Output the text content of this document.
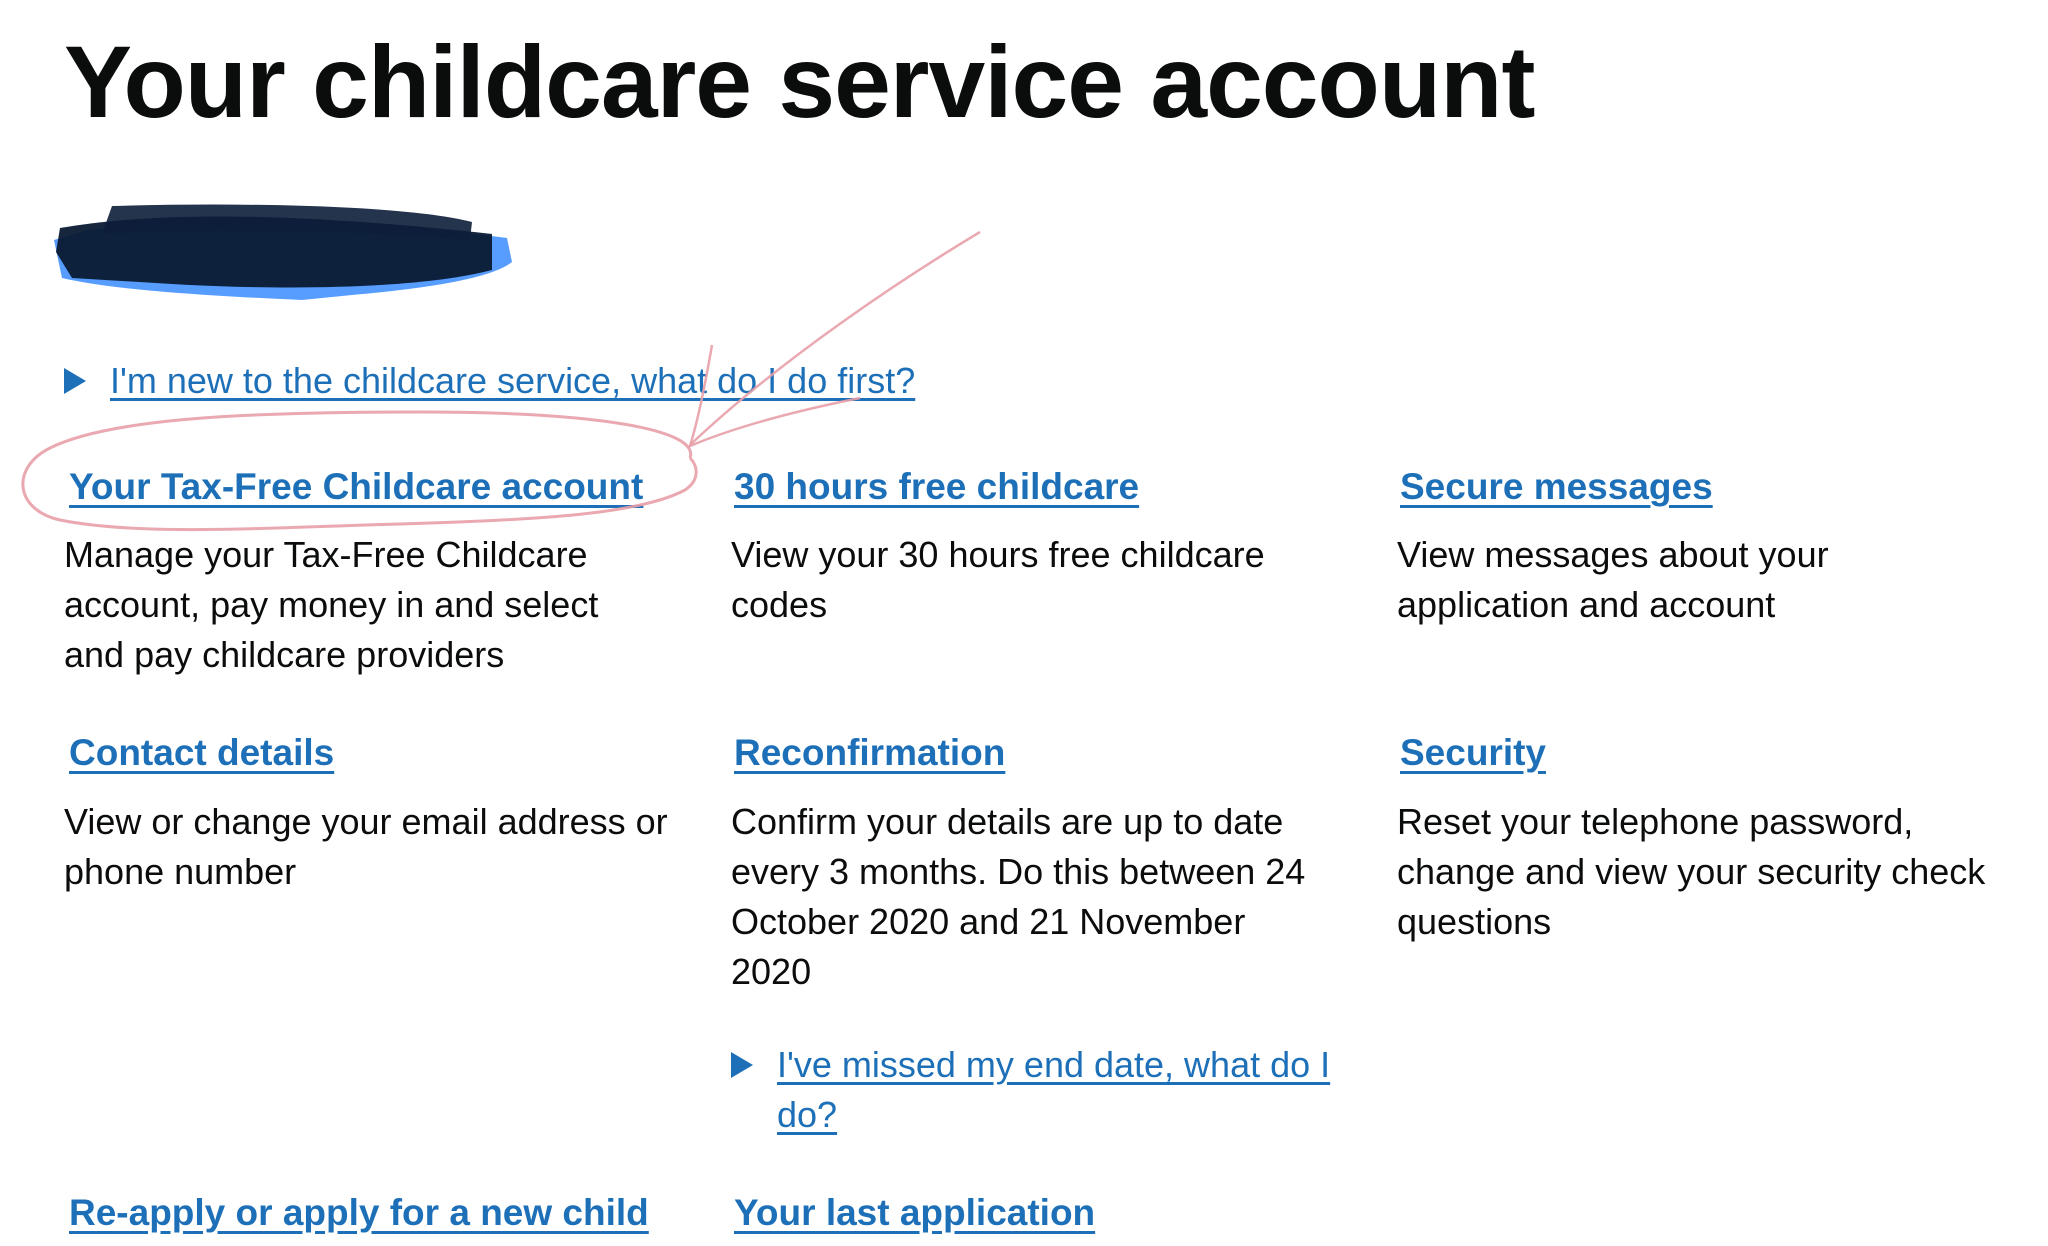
Your childcare service account
I'm new to the childcare service, what do I do first?
Your Tax-Free Childcare account

Manage your Tax-Free Childcare account, pay money in and select and pay childcare providers

30 hours free childcare

View your 30 hours free childcare codes

Secure messages

View messages about your application and account

Contact details

View or change your email address or phone number

Reconfirmation

Confirm your details are up to date every 3 months. Do this between 24 October 2020 and 21 November 2020

Security

Reset your telephone password, change and view your security check questions

I've missed my end date, what do I do?
Re-apply or apply for a new child Your last application
